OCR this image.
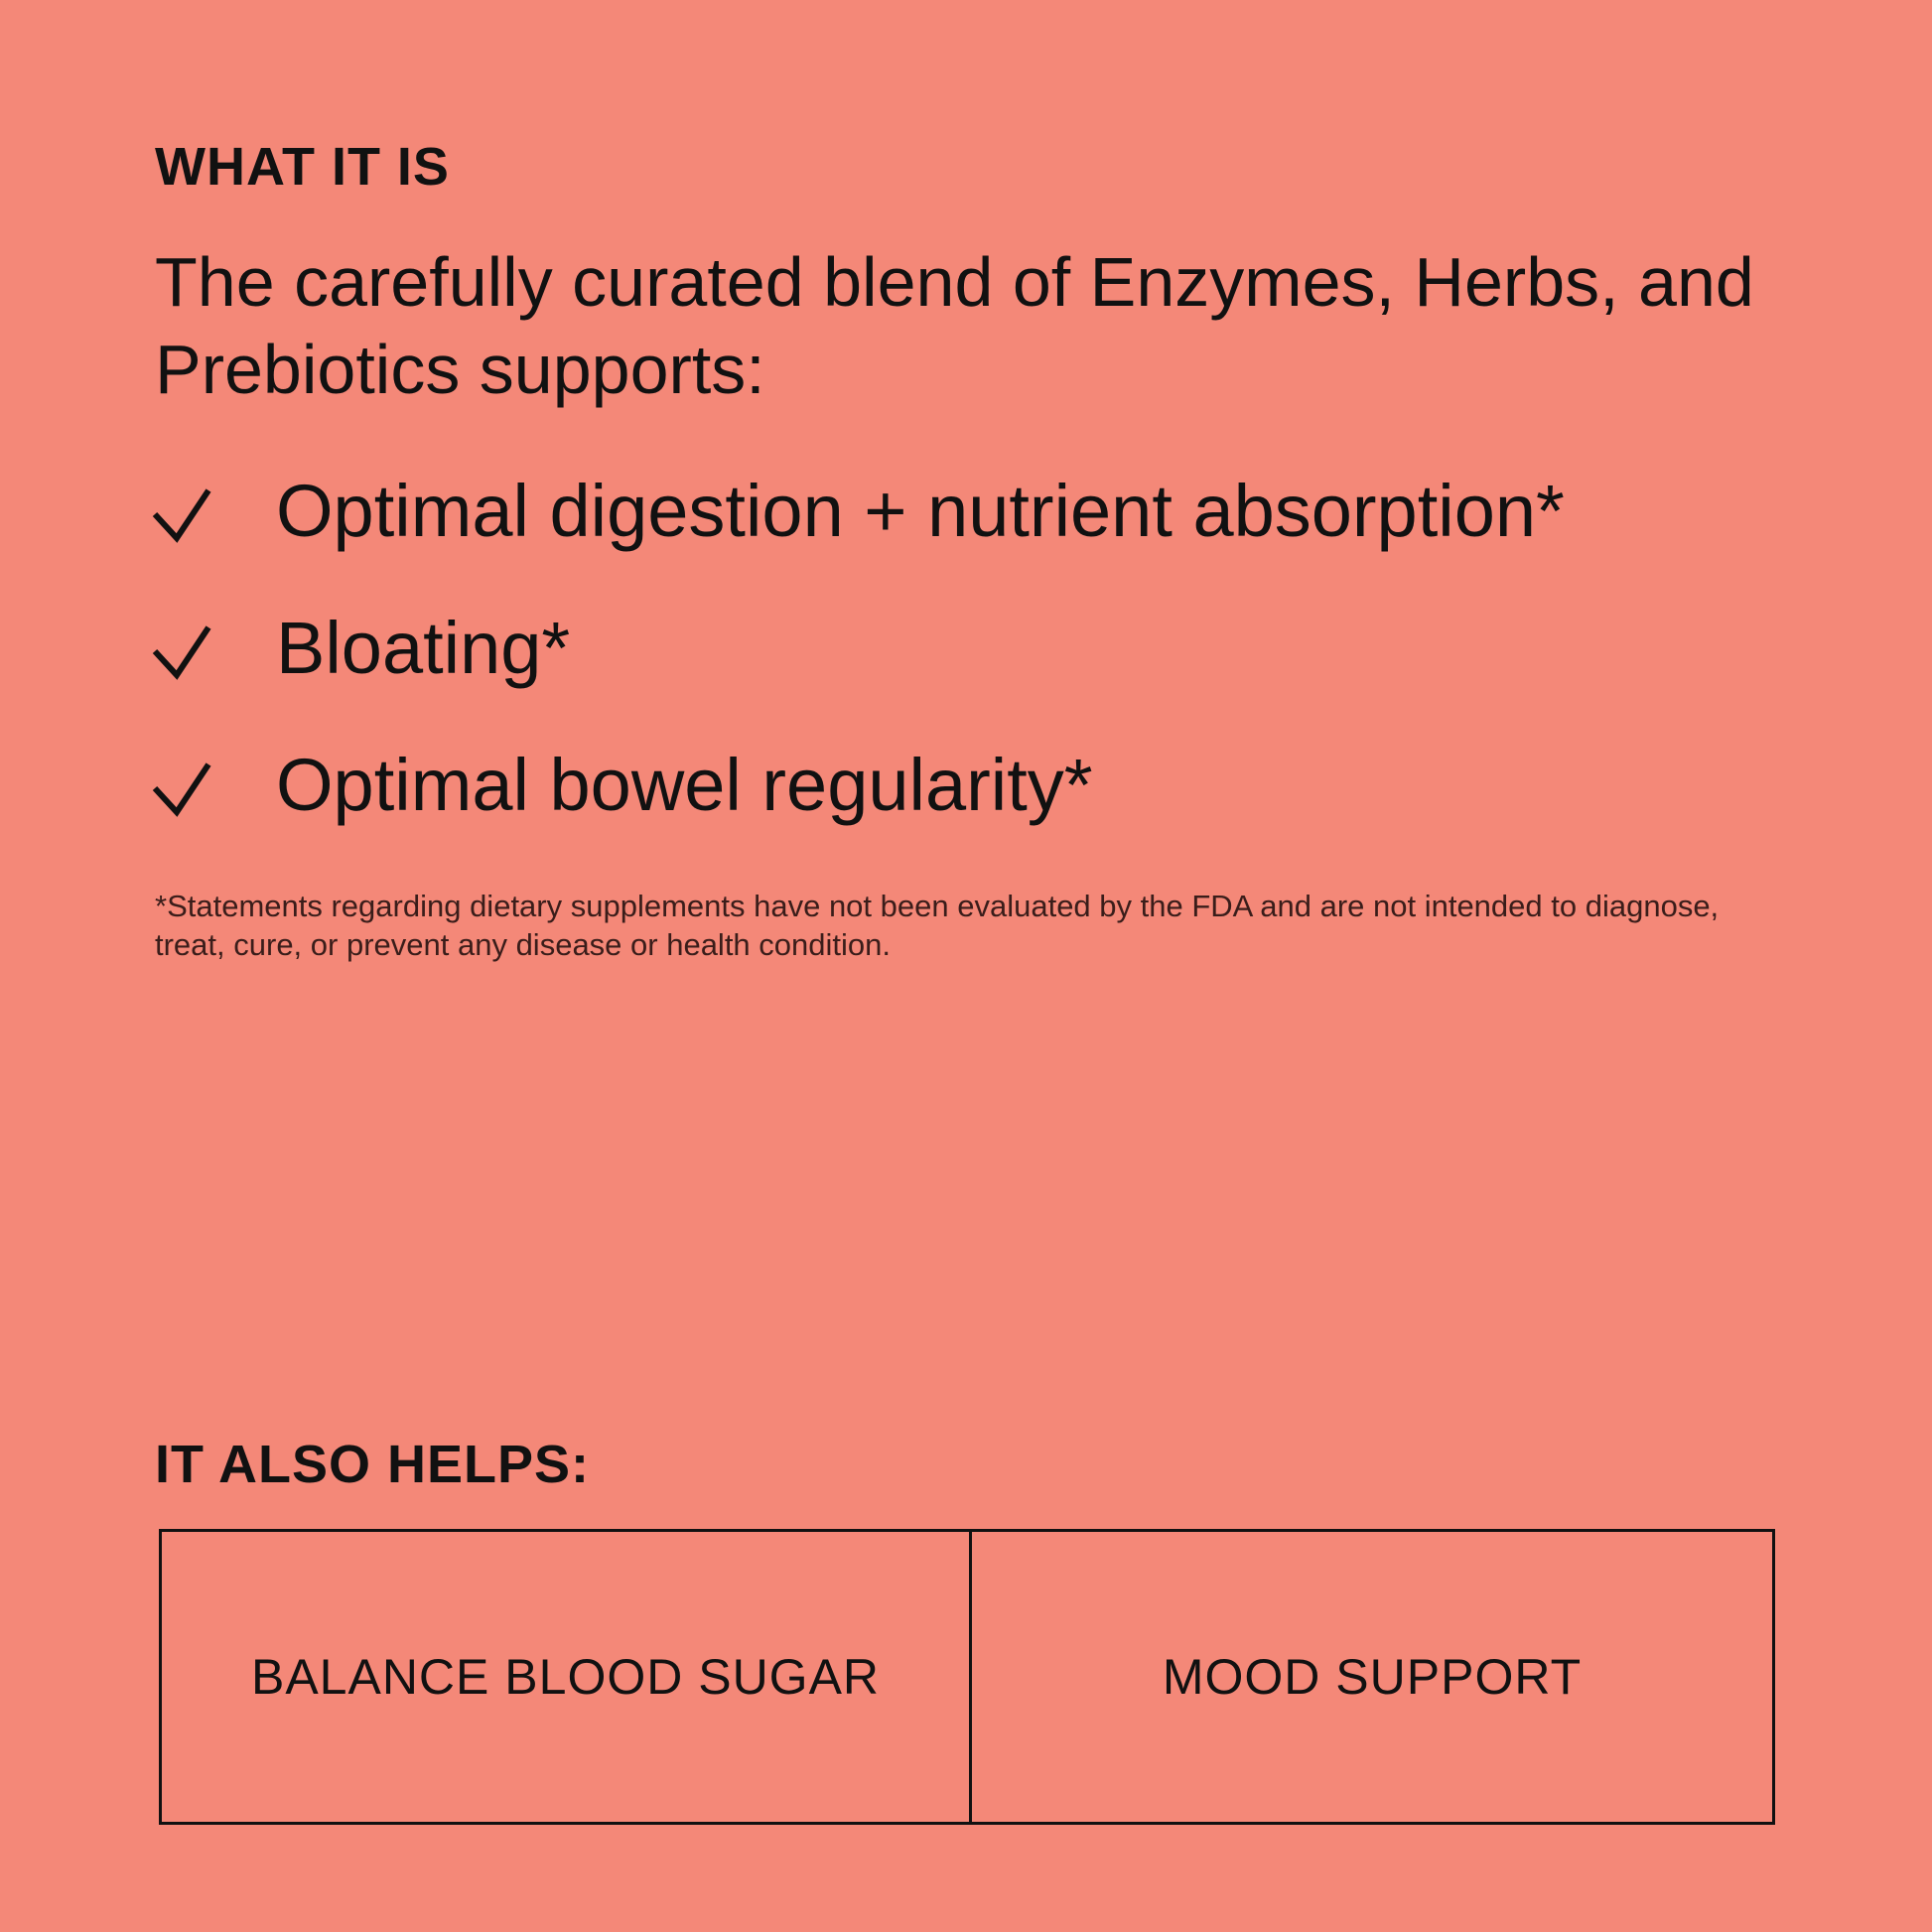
WHAT IT IS

The carefully curated blend of Enzymes, Herbs, and Prebiotics supports:

Optimal digestion + nutrient absorption*
Bloating*
Optimal bowel regularity*

*Statements regarding dietary supplements have not been evaluated by the FDA and are not intended to diagnose, treat, cure, or prevent any disease or health condition.

IT ALSO HELPS:
BALANCE BLOOD SUGAR	MOOD SUPPORT
